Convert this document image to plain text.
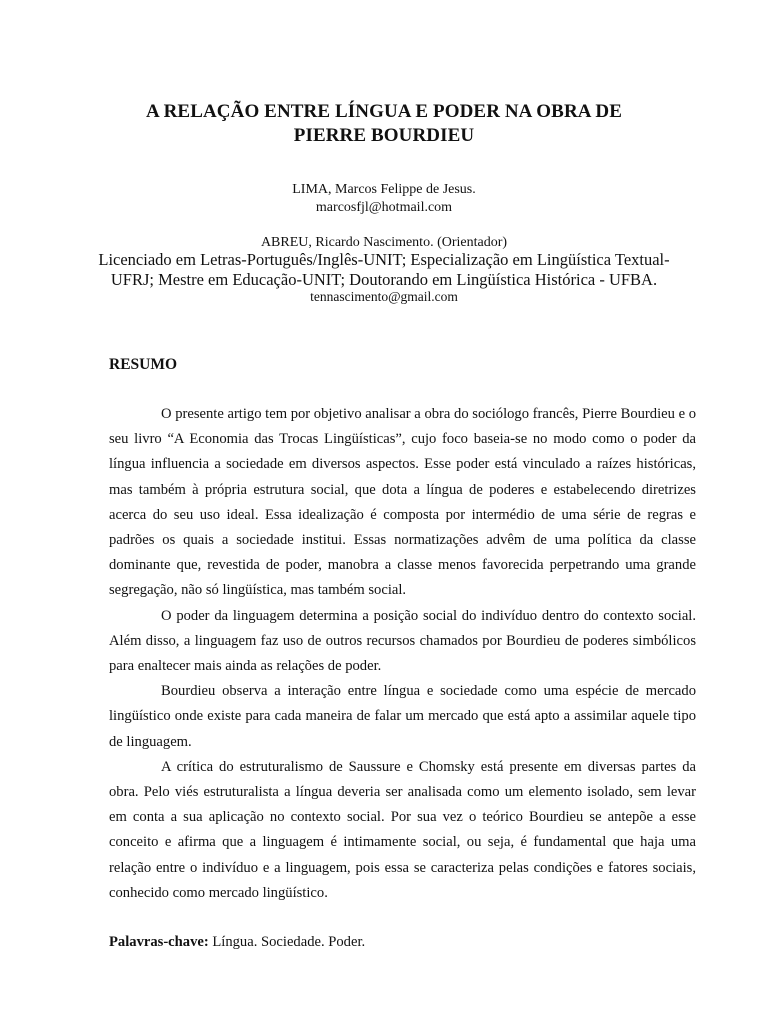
A RELAÇÃO ENTRE LÍNGUA E PODER NA OBRA DE
PIERRE BOURDIEU
LIMA, Marcos Felippe de Jesus.
marcosfjl@hotmail.com
ABREU, Ricardo Nascimento. (Orientador)
Licenciado em Letras-Português/Inglês-UNIT; Especialização em Lingüística Textual-
UFRJ; Mestre em Educação-UNIT; Doutorando em Lingüística Histórica - UFBA.
tennascimento@gmail.com
RESUMO

O presente artigo tem por objetivo analisar a obra do sociólogo francês, Pierre Bourdieu e o seu livro “A Economia das Trocas Lingüísticas”, cujo foco baseia-se no modo como o poder da língua influencia a sociedade em diversos aspectos. Esse poder está vinculado a raízes históricas, mas também à própria estrutura social, que dota a língua de poderes e estabelecendo diretrizes acerca do seu uso ideal. Essa idealização é composta por intermédio de uma série de regras e padrões os quais a sociedade institui. Essas normatizações advêm de uma política da classe dominante que, revestida de poder, manobra a classe menos favorecida perpetrando uma grande segregação, não só lingüística, mas também social.

O poder da linguagem determina a posição social do indivíduo dentro do contexto social. Além disso, a linguagem faz uso de outros recursos chamados por Bourdieu de poderes simbólicos para enaltecer mais ainda as relações de poder.

Bourdieu observa a interação entre língua e sociedade como uma espécie de mercado lingüístico onde existe para cada maneira de falar um mercado que está apto a assimilar aquele tipo de linguagem.

A crítica do estruturalismo de Saussure e Chomsky está presente em diversas partes da obra. Pelo viés estruturalista a língua deveria ser analisada como um elemento isolado, sem levar em conta a sua aplicação no contexto social. Por sua vez o teórico Bourdieu se antepõe a esse conceito e afirma que a linguagem é intimamente social, ou seja, é fundamental que haja uma relação entre o indivíduo e a linguagem, pois essa se caracteriza pelas condições e fatores sociais, conhecido como mercado lingüístico.

Palavras-chave: Língua. Sociedade. Poder.
